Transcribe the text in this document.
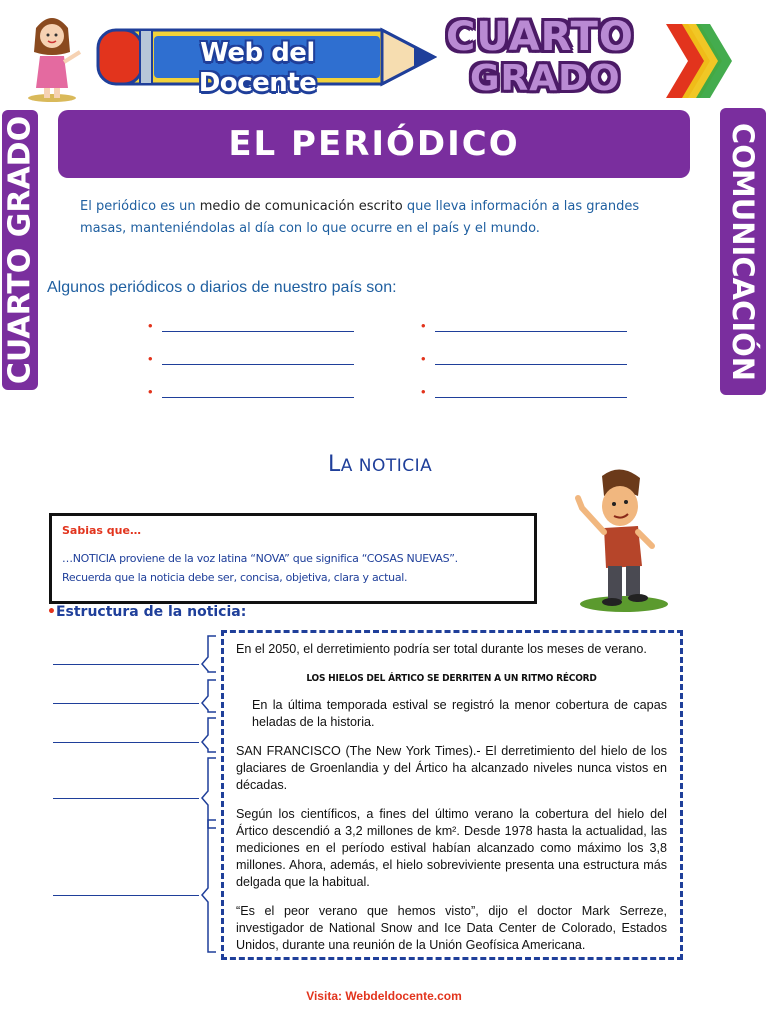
Web del Docente
CUARTO
GRADO
CUARTO GRADO	COMUNICACIÓN
EL PERIÓDICO

El periódico es un medio de comunicación escrito que lleva información a las grandes masas, manteniéndolas al día con lo que ocurre en el país y el mundo.

Algunos periódicos o diarios de nuestro país son:
•	•
•	•
•	•
LA NOTICIA
Sabias que…
…NOTICIA proviene de la voz latina “NOVA” que significa “COSAS NUEVAS”.
Recuerda que la noticia debe ser, concisa, objetiva, clara y actual.
•Estructura de la noticia:

En el 2050, el derretimiento podría ser total durante los meses de verano.

LOS HIELOS DEL ÁRTICO SE DERRITEN A UN RITMO RÉCORD

En la última temporada estival se registró la menor cobertura de capas heladas de la historia.

SAN FRANCISCO (The New York Times).- El derretimiento del hielo de los glaciares de Groenlandia y del Ártico ha alcanzado niveles nunca vistos en décadas.

Según los científicos, a fines del último verano la cobertura del hielo del Ártico descendió a 3,2 millones de km². Desde 1978 hasta la actualidad, las mediciones en el período estival habían alcanzado como máximo los 3,8 millones. Ahora, además, el hielo sobreviviente presenta una estructura más delgada que la habitual.

“Es el peor verano que hemos visto”, dijo el doctor Mark Serreze, investigador de National Snow and Ice Data Center de Colorado, Estados Unidos, durante una reunión de la Unión Geofísica Americana.

Visita: Webdeldocente.com
